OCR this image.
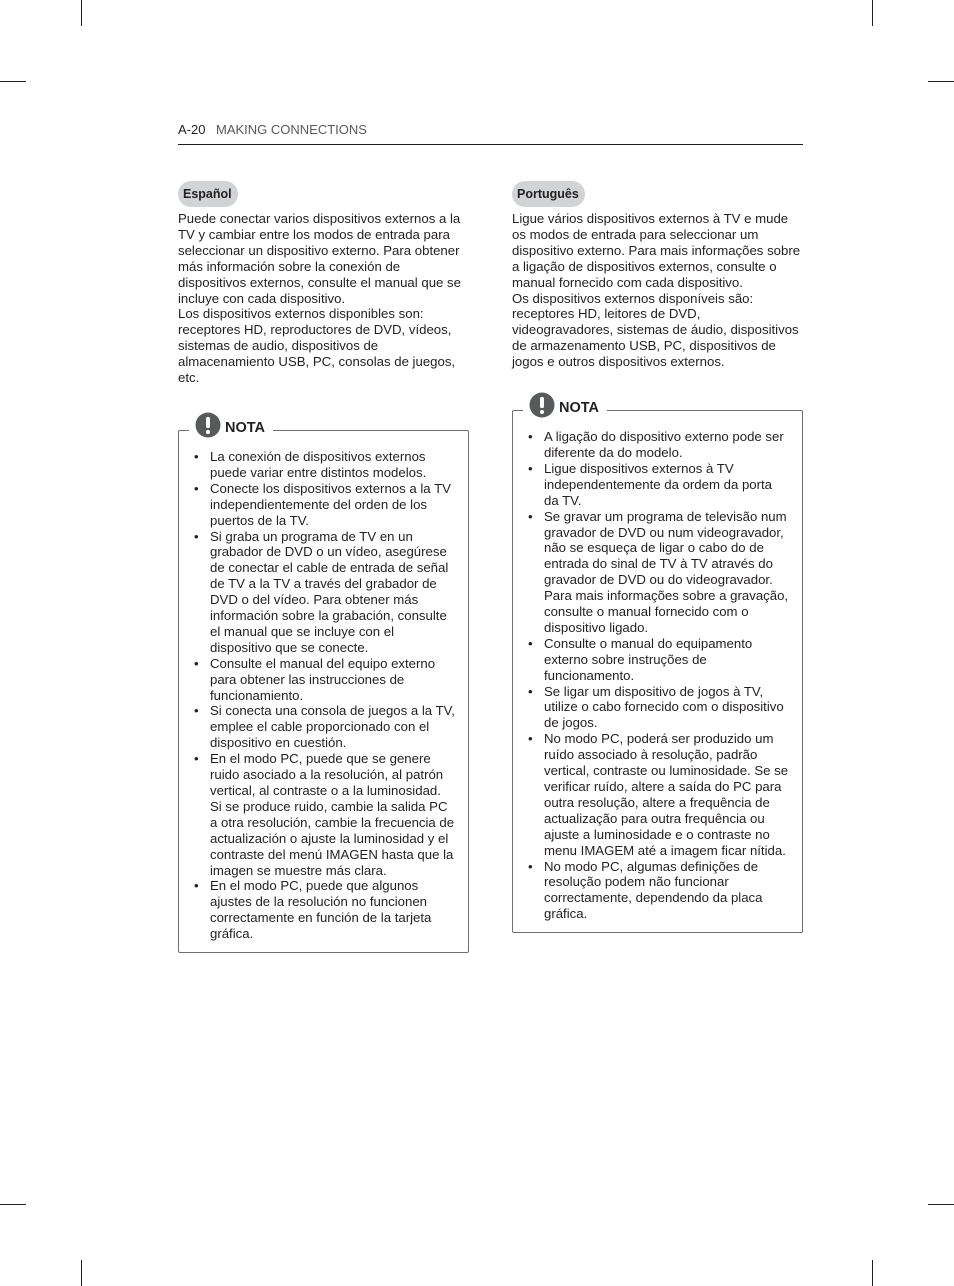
A-20 MAKING CONNECTIONS
Español

Puede conectar varios dispositivos externos a la TV y cambiar entre los modos de entrada para seleccionar un dispositivo externo. Para obtener más información sobre la conexión de dispositivos externos, consulte el manual que se incluye con cada dispositivo.

Los dispositivos externos disponibles son: receptores HD, reproductores de DVD, vídeos, sistemas de audio, dispositivos de almacenamiento USB, PC, consolas de juegos, etc.

NOTA
• La conexión de dispositivos externos puede variar entre distintos modelos.
• Conecte los dispositivos externos a la TV independientemente del orden de los puertos de la TV.
• Si graba un programa de TV en un grabador de DVD o un vídeo, asegúrese de conectar el cable de entrada de señal de TV a la TV a través del grabador de DVD o del vídeo. Para obtener más información sobre la grabación, consulte el manual que se incluye con el dispositivo que se conecte.
• Consulte el manual del equipo externo para obtener las instrucciones de funcionamiento.
• Si conecta una consola de juegos a la TV, emplee el cable proporcionado con el dispositivo en cuestión.
• En el modo PC, puede que se genere ruido asociado a la resolución, al patrón vertical, al contraste o a la luminosidad. Si se produce ruido, cambie la salida PC a otra resolución, cambie la frecuencia de actualización o ajuste la luminosidad y el contraste del menú IMAGEN hasta que la imagen se muestre más clara.
• En el modo PC, puede que algunos ajustes de la resolución no funcionen correctamente en función de la tarjeta gráfica.
Português

Ligue vários dispositivos externos à TV e mude os modos de entrada para seleccionar um dispositivo externo. Para mais informações sobre a ligação de dispositivos externos, consulte o manual fornecido com cada dispositivo.

Os dispositivos externos disponíveis são: receptores HD, leitores de DVD, videogravadores, sistemas de áudio, dispositivos de armazenamento USB, PC, dispositivos de jogos e outros dispositivos externos.

NOTA
• A ligação do dispositivo externo pode ser diferente da do modelo.
• Ligue dispositivos externos à TV independentemente da ordem da porta da TV.
• Se gravar um programa de televisão num gravador de DVD ou num videogravador, não se esqueça de ligar o cabo do de entrada do sinal de TV à TV através do gravador de DVD ou do videogravador. Para mais informações sobre a gravação, consulte o manual fornecido com o dispositivo ligado.
• Consulte o manual do equipamento externo sobre instruções de funcionamento.
• Se ligar um dispositivo de jogos à TV, utilize o cabo fornecido com o dispositivo de jogos.
• No modo PC, poderá ser produzido um ruído associado à resolução, padrão vertical, contraste ou luminosidade. Se se verificar ruído, altere a saída do PC para outra resolução, altere a frequência de actualização para outra frequência ou ajuste a luminosidade e o contraste no menu IMAGEM até a imagem ficar nítida.
• No modo PC, algumas definições de resolução podem não funcionar correctamente, dependendo da placa gráfica.
